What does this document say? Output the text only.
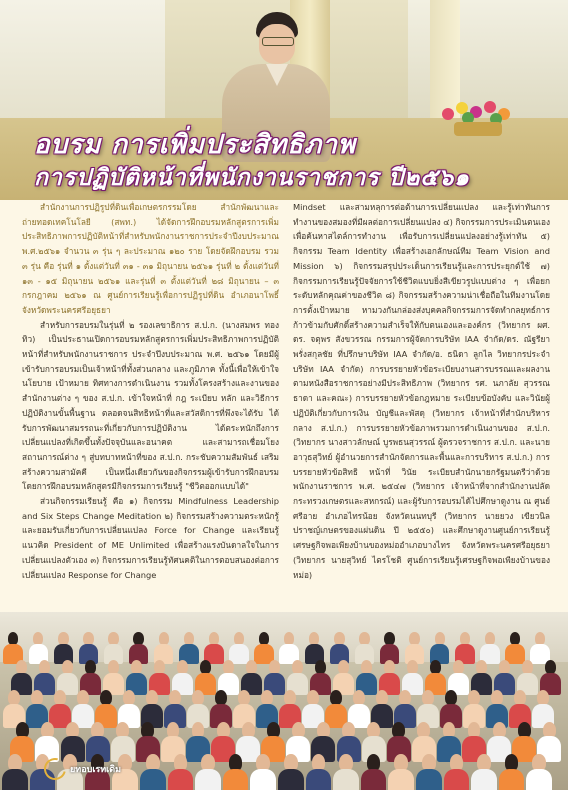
อบรม การเพิ่มประสิทธิภาพ
การปฏิบัติหน้าที่พนักงานราชการ ปี๒๕๖๑

สำนักงานการปฏิรูปที่ดินเพื่อเกษตรกรรมโดย สำนักพัฒนาและถ่ายทอดเทคโนโลยี (สพท.) ได้จัดการฝึกอบรมหลักสูตรการเพิ่มประสิทธิภาพการปฏิบัติหน้าที่สำหรับพนักงานราชการประจำปีงบประมาณ พ.ศ.๒๕๖๑ จำนวน ๓ รุ่น ๆ ละประมาณ ๑๒๐ ราย โดยจัดฝึกอบรม รวม ๓ รุ่น คือ รุ่นที่ ๑ ตั้งแต่วันที่ ๓๑ - ๓๑ มิถุนายน ๒๕๖๑ รุ่นที่ ๒ ตั้งแต่วันที่ ๑๓ - ๑๕ มิถุนายน ๒๕๖๑ และรุ่นที่ ๓ ตั้งแต่วันที่ ๒๘ มิถุนายน – ๓ กรกฎาคม ๒๕๖๑ ณ ศูนย์การเรียนรู้เพื่อการปฏิรูปที่ดิน อำเภอนาโพธิ์ จังหวัดพระนครศรีอยุธยา

สำหรับการอบรมในรุ่นที่ ๒ รองเลขาธิการ ส.ป.ก. (นางสมพร ทองทิว) เป็นประธานเปิดการอบรมหลักสูตรการเพิ่มประสิทธิภาพการปฏิบัติหน้าที่สำหรับพนักงานราชการ ประจำปีงบประมาณ พ.ศ. ๒๕๖๑ โดยมีผู้เข้ารับการอบรมเป็นเจ้าหน้าที่ทั้งส่วนกลาง และภูมิภาค ทั้งนี้เพื่อให้เข้าใจนโยบาย เป้าหมาย ทิศทางการดำเนินงาน รวมทั้งโครงสร้างและงานของสำนักงานต่าง ๆ ของ ส.ป.ก. เข้าใจหน้าที่ กฎ ระเบียบ หลัก และวิธีการปฏิบัติงานขั้นพื้นฐาน ตลอดจนสิทธิหน้าที่และสวัสดิการที่พึงจะได้รับ ได้รับการพัฒนาสมรรถนะที่เกี่ยวกับการปฏิบัติงาน ได้ตระหนักถึงการเปลี่ยนแปลงที่เกิดขึ้นทั้งปัจจุบันและอนาคต และสามารถเชื่อมโยงสถานการณ์ต่าง ๆ สู่บทบาทหน้าที่ของ ส.ป.ก. กระชับความสัมพันธ์ เสริมสร้างความสามัคคี เป็นหนึ่งเดียวกันของกิจกรรมผู้เข้ารับการฝึกอบรม โดยการฝึกอบรมหลักสูตรมีกิจกรรมการเรียนรู้ "ชีวิตออกแบบได้"

ส่วนกิจกรรมเรียนรู้ คือ ๑) กิจกรรม Mindfulness Leadership and Six Steps Change Meditation ๒) กิจกรรมสร้างความตระหนักรู้และยอมรับเกี่ยวกับการเปลี่ยนแปลง Force for Change และเรียนรู้แนวคิด President of ME Unlimited เพื่อสร้างแรงบันดาลใจในการเปลี่ยนแปลงตัวเอง ๓) กิจกรรมการเรียนรู้ทัศนคติในการตอบสนองต่อการเปลี่ยนแปลง Response for Change

Mindset และสามหลุการต่อต้านการเปลี่ยนแปลง และรู้เท่าทันการทำงานของสมองที่มีผลต่อการเปลี่ยนแปลง ๔) กิจกรรมการประเมินตนเองเพื่อค้นหาสไตล์การทำงาน เพื่อรับการเปลี่ยนแปลงอย่างรู้เท่าทัน ๕) กิจกรรม Team Identity เพื่อสร้างเอกลักษณ์ทีม Team Vision and Mission ๖) กิจกรรมสรุปประเด็นการเรียนรู้และการประยุกต์ใช้ ๗) กิจกรรมการเรียนรู้ปัจจัยการใช้ชีวิตแบบยิ่งสีเขียวรูปแบบต่าง ๆ เพื่อยกระดับหลักคุณค่าของชีวิต ๘) กิจกรรมสร้างความน่าเชื่อถือในทีมงานโดยการตั้งเป้าหมาย หามวงกันกล่องส่งบุคคลกิจกรรมการจัดทำกลยุทธ์การก้าวข้ามกับศักดิ์สร้างความสำเร็จให้กับตนเองและองค์กร (วิทยากร ผศ. ดร. จตุพร สังขวรรณ กรรมการผู้จัดการบริษัท IAA จำกัด/ดร. ณัฐรียา พรั่งสกุลชัย ที่ปรึกษาบริษัท IAA จำกัด/อ. ธนิดา ลูกไล วิทยากรประจำบริษัท IAA จำกัด) การบรรยายหัวข้อระเบียบงานสารบรรณและผลงานตามหนังสือราชการอย่างมีประสิทธิภาพ (วิทยากร รศ. นภาลัย สุวรรณธาดา และคณะ) การบรรยายหัวข้อกฎหมาย ระเบียบข้อบังคับ และวินัยผู้ปฏิบัติเกี่ยวกับการเงิน บัญชีและพัสดุ (วิทยากร เจ้าหน้าที่สำนักบริหารกลาง ส.ป.ก.) การบรรยายหัวข้อภาพรวมการดำเนินงานของ ส.ป.ก. (วิทยากร นางสาวลักษณ์ บูรพธนสุวรรณ์ ผู้ตรวจราชการ ส.ป.ก. และนายอาวุธสุวิทย์ ผู้อำนวยการสำนักจัดการและพื้นและการบริหาร ส.ป.ก.) การบรรยายหัวข้อสิทธิ หน้าที่ วินัย ระเบียบสำนักนายกรัฐมนตรีว่าด้วยพนักงานราชการ พ.ศ. ๒๕๔๗ (วิทยากร เจ้าหน้าที่จากสำนักงานปลัดกระทรวงเกษตรและสหกรณ์) และผู้รับการอบรมได้ไปศึกษาดูงาน ณ ศูนย์ศรีอาย อำเภอไทรน้อย จังหวัดนนทบุรี (วิทยากร นายยวง เขียวนิล ปราชญ์เกษตรของแผ่นดิน ปี ๒๕๕๐) และศึกษาดูงานศูนย์การเรียนรู้เศรษฐกิจพอเพียงบ้านของหม่ออำเภอบางไทร จังหวัดพระนครศรีอยุธยา (วิทยากร นายสุวิทย์ ไตรโชติ ศูนย์การเรียนรู้เศรษฐกิจพอเพียงบ้านของหม่อ)

ยทอบเรทเดิม
